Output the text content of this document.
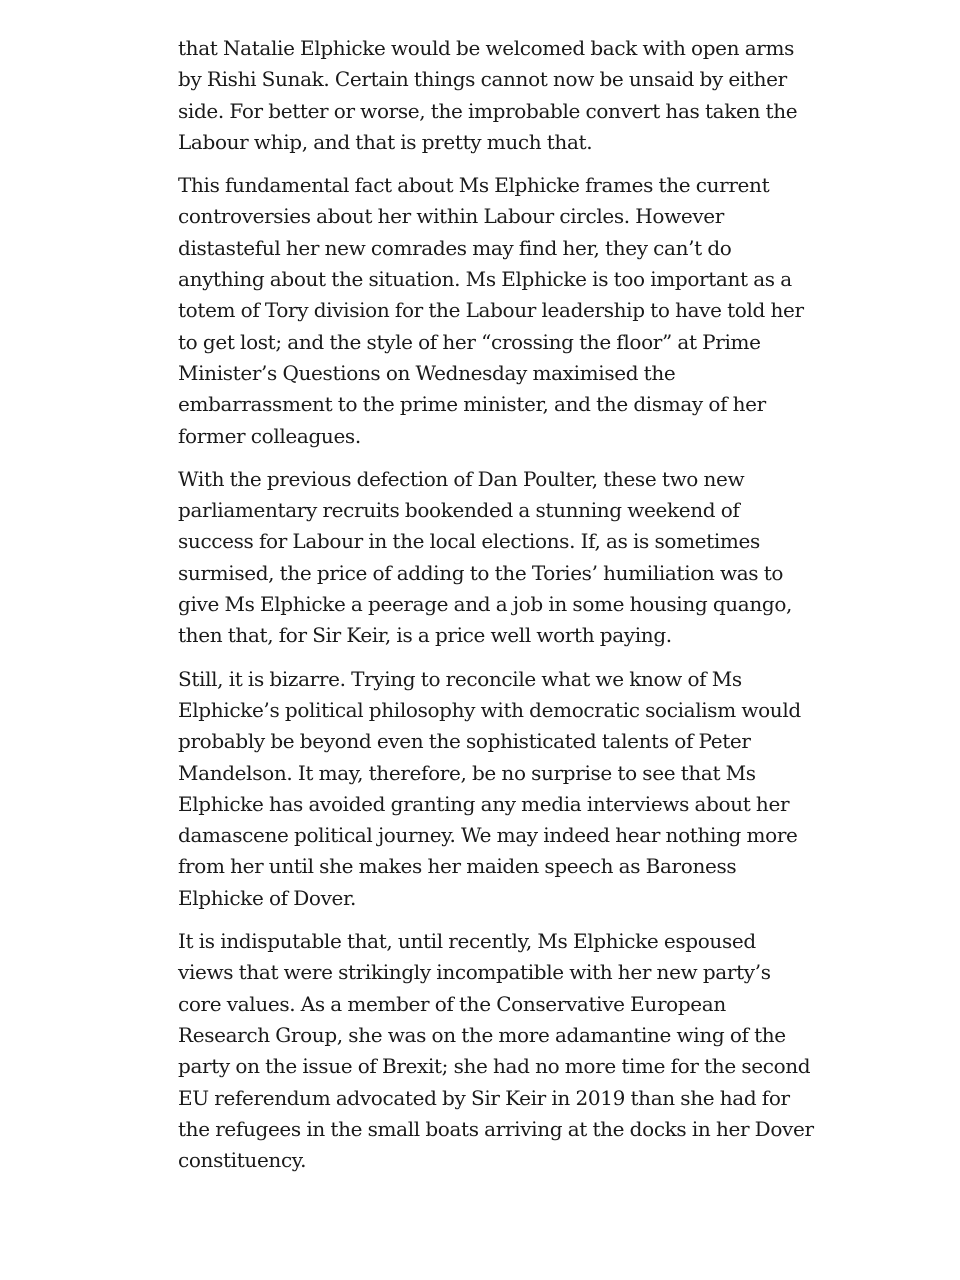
that Natalie Elphicke would be welcomed back with open arms
by Rishi Sunak. Certain things cannot now be unsaid by either
side. For better or worse, the improbable convert has taken the
Labour whip, and that is pretty much that.

This fundamental fact about Ms Elphicke frames the current
controversies about her within Labour circles. However
distasteful her new comrades may find her, they can’t do
anything about the situation. Ms Elphicke is too important as a
totem of Tory division for the Labour leadership to have told her
to get lost; and the style of her “crossing the floor” at Prime
Minister’s Questions on Wednesday maximised the
embarrassment to the prime minister, and the dismay of her
former colleagues.

With the previous defection of Dan Poulter, these two new
parliamentary recruits bookended a stunning weekend of
success for Labour in the local elections. If, as is sometimes
surmised, the price of adding to the Tories’ humiliation was to
give Ms Elphicke a peerage and a job in some housing quango,
then that, for Sir Keir, is a price well worth paying.

Still, it is bizarre. Trying to reconcile what we know of Ms
Elphicke’s political philosophy with democratic socialism would
probably be beyond even the sophisticated talents of Peter
Mandelson. It may, therefore, be no surprise to see that Ms
Elphicke has avoided granting any media interviews about her
damascene political journey. We may indeed hear nothing more
from her until she makes her maiden speech as Baroness
Elphicke of Dover.

It is indisputable that, until recently, Ms Elphicke espoused
views that were strikingly incompatible with her new party’s
core values. As a member of the Conservative European
Research Group, she was on the more adamantine wing of the
party on the issue of Brexit; she had no more time for the second
EU referendum advocated by Sir Keir in 2019 than she had for
the refugees in the small boats arriving at the docks in her Dover
constituency.
